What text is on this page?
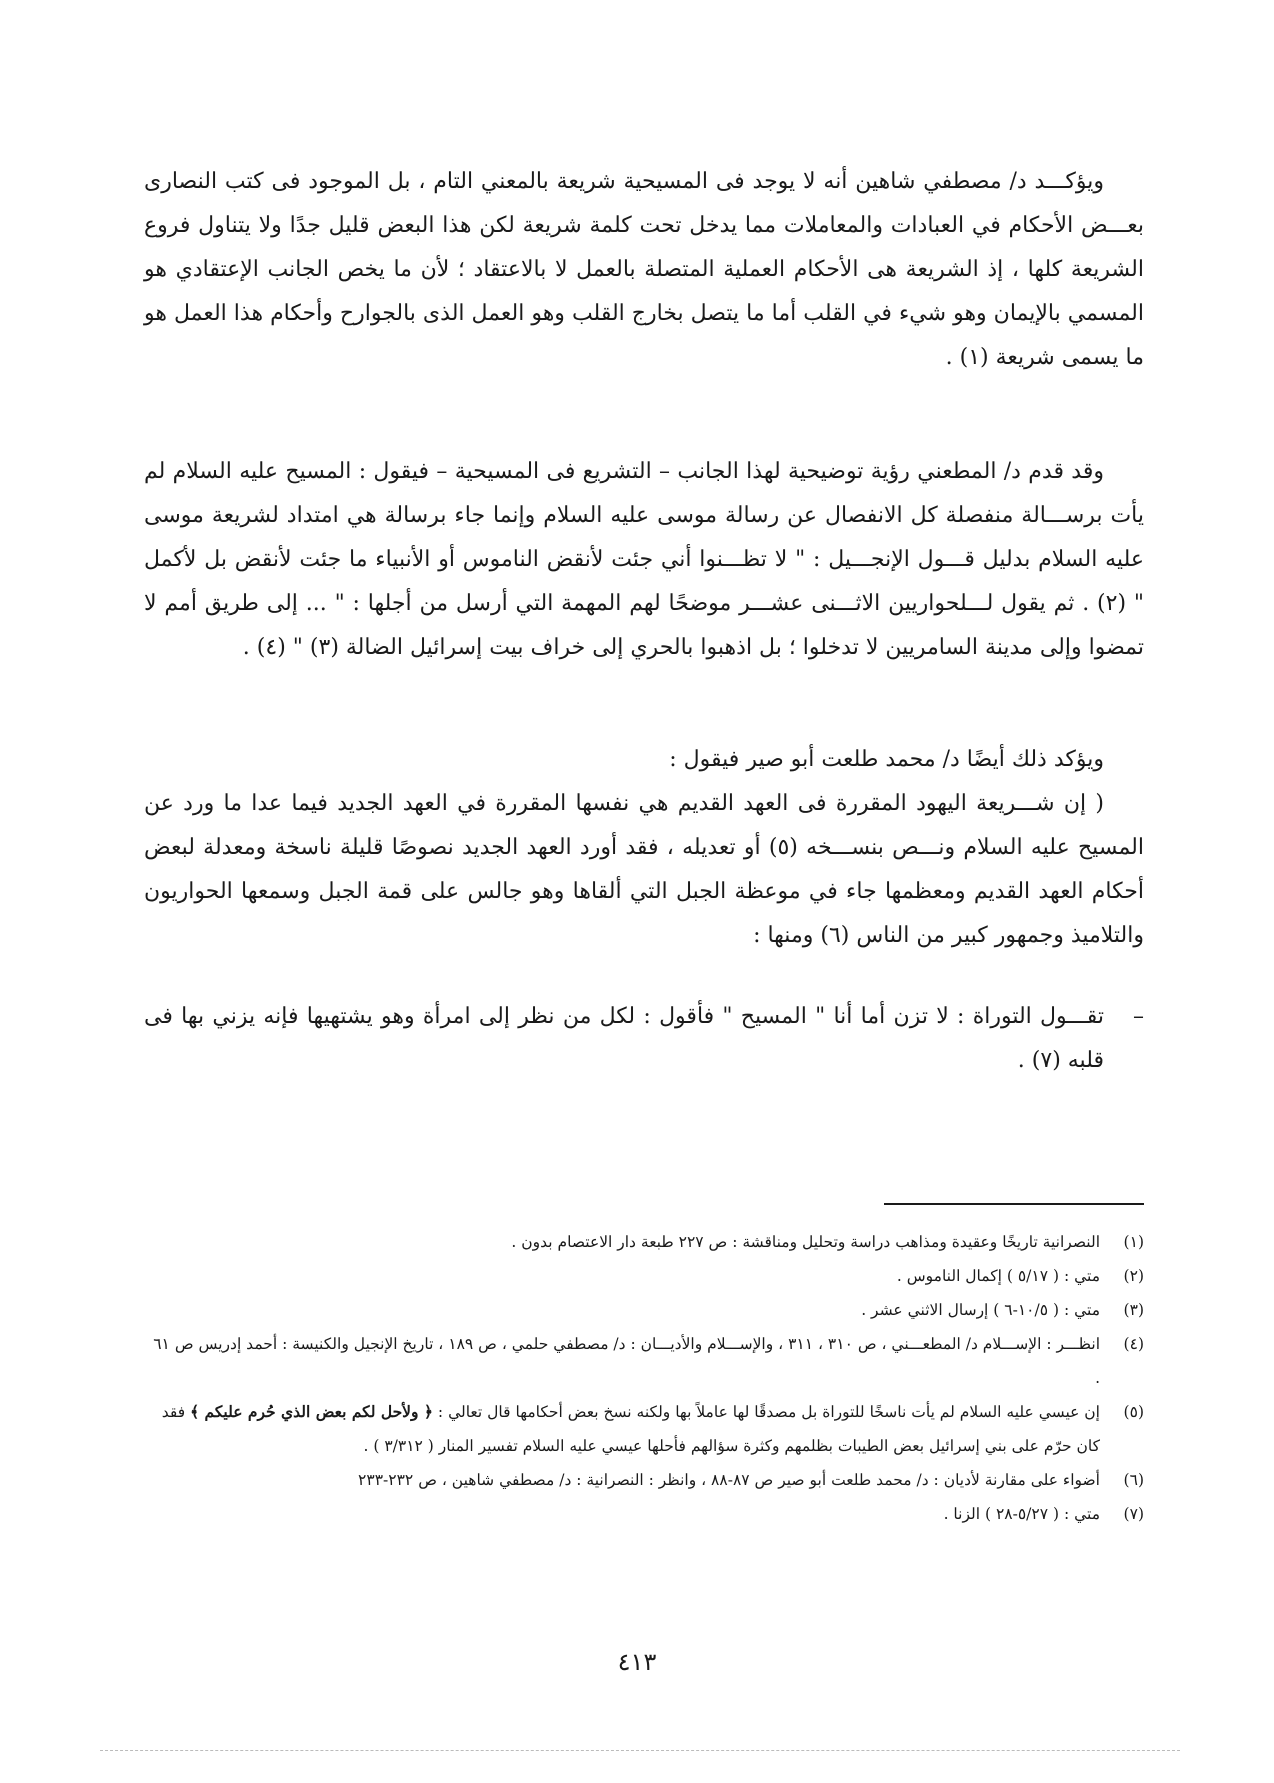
ويؤكـــد د/ مصطفي شاهين أنه لا يوجد فى المسيحية شريعة بالمعني التام ، بل الموجود فى كتب النصارى بعـــض الأحكام في العبادات والمعاملات مما يدخل تحت كلمة شريعة لكن هذا البعض قليل جدًا ولا يتناول فروع الشريعة كلها ، إذ الشريعة هى الأحكام العملية المتصلة بالعمل لا بالاعتقاد ؛ لأن ما يخص الجانب الإعتقادي هو المسمي بالإيمان وهو شيء في القلب أما ما يتصل بخارج القلب وهو العمل الذى بالجوارح وأحكام هذا العمل هو ما يسمى شريعة (١) .

وقد قدم د/ المطعني رؤية توضيحية لهذا الجانب – التشريع فى المسيحية – فيقول : المسيح عليه السلام لم يأت برســـالة منفصلة كل الانفصال عن رسالة موسى عليه السلام وإنما جاء برسالة هي امتداد لشريعة موسى عليه السلام بدليل قـــول الإنجـــيل : " لا تظـــنوا أني جئت لأنقض الناموس أو الأنبياء ما جئت لأنقض بل لأكمل " (٢) . ثم يقول لـــلحواريين الاثـــنى عشـــر موضحًا لهم المهمة التي أرسل من أجلها : " ... إلى طريق أمم لا تمضوا وإلى مدينة السامريين لا تدخلوا ؛ بل اذهبوا بالحري إلى خراف بيت إسرائيل الضالة (٣) " (٤) .

ويؤكد ذلك أيضًا د/ محمد طلعت أبو صير فيقول :

( إن شـــريعة اليهود المقررة فى العهد القديم هي نفسها المقررة في العهد الجديد فيما عدا ما ورد عن المسيح عليه السلام ونـــص بنســـخه (٥) أو تعديله ، فقد أورد العهد الجديد نصوصًا قليلة ناسخة ومعدلة لبعض أحكام العهد القديم ومعظمها جاء في موعظة الجبل التي ألقاها وهو جالس على قمة الجبل وسمعها الحواريون والتلاميذ وجمهور كبير من الناس (٦) ومنها :

–
تقـــول التوراة : لا تزن أما أنا " المسيح " فأقول : لكل من نظر إلى امرأة وهو يشتهيها فإنه يزني بها فى قلبه (٧) .

(١)
النصرانية تاريخًا وعقيدة ومذاهب دراسة وتحليل ومناقشة : ص ٢٢٧ طبعة دار الاعتصام بدون .

(٢)
متي : ( ٥/١٧ ) إكمال الناموس .

(٣)
متي : ( ١٠/٥-٦ ) إرسال الاثني عشر .

(٤)
انظـــر : الإســـلام د/ المطعـــني ، ص ٣١٠ ، ٣١١ ، والإســـلام والأديـــان : د/ مصطفي حلمي ، ص ١٨٩ ، تاريخ الإنجيل والكنيسة : أحمد إدريس ص ٦١ .

(٥)
إن عيسي عليه السلام لم يأت ناسخًا للتوراة بل مصدقًا لها عاملاً بها ولكنه نسخ بعض أحكامها قال تعالي : ﴿ ولأحل لكم بعض الذي حُرم عليكم ﴾ فقد كان حرّم على بني إسرائيل بعض الطيبات بظلمهم وكثرة سؤالهم فأحلها عيسي عليه السلام تفسير المنار ( ٣/٣١٢ ) .

(٦)
أضواء على مقارنة لأديان : د/ محمد طلعت أبو صير ص ٨٧-٨٨ ، وانظر : النصرانية : د/ مصطفي شاهين ، ص ٢٣٢-٢٣٣

(٧)
متي : ( ٥/٢٧-٢٨ ) الزنا .

٤١٣
